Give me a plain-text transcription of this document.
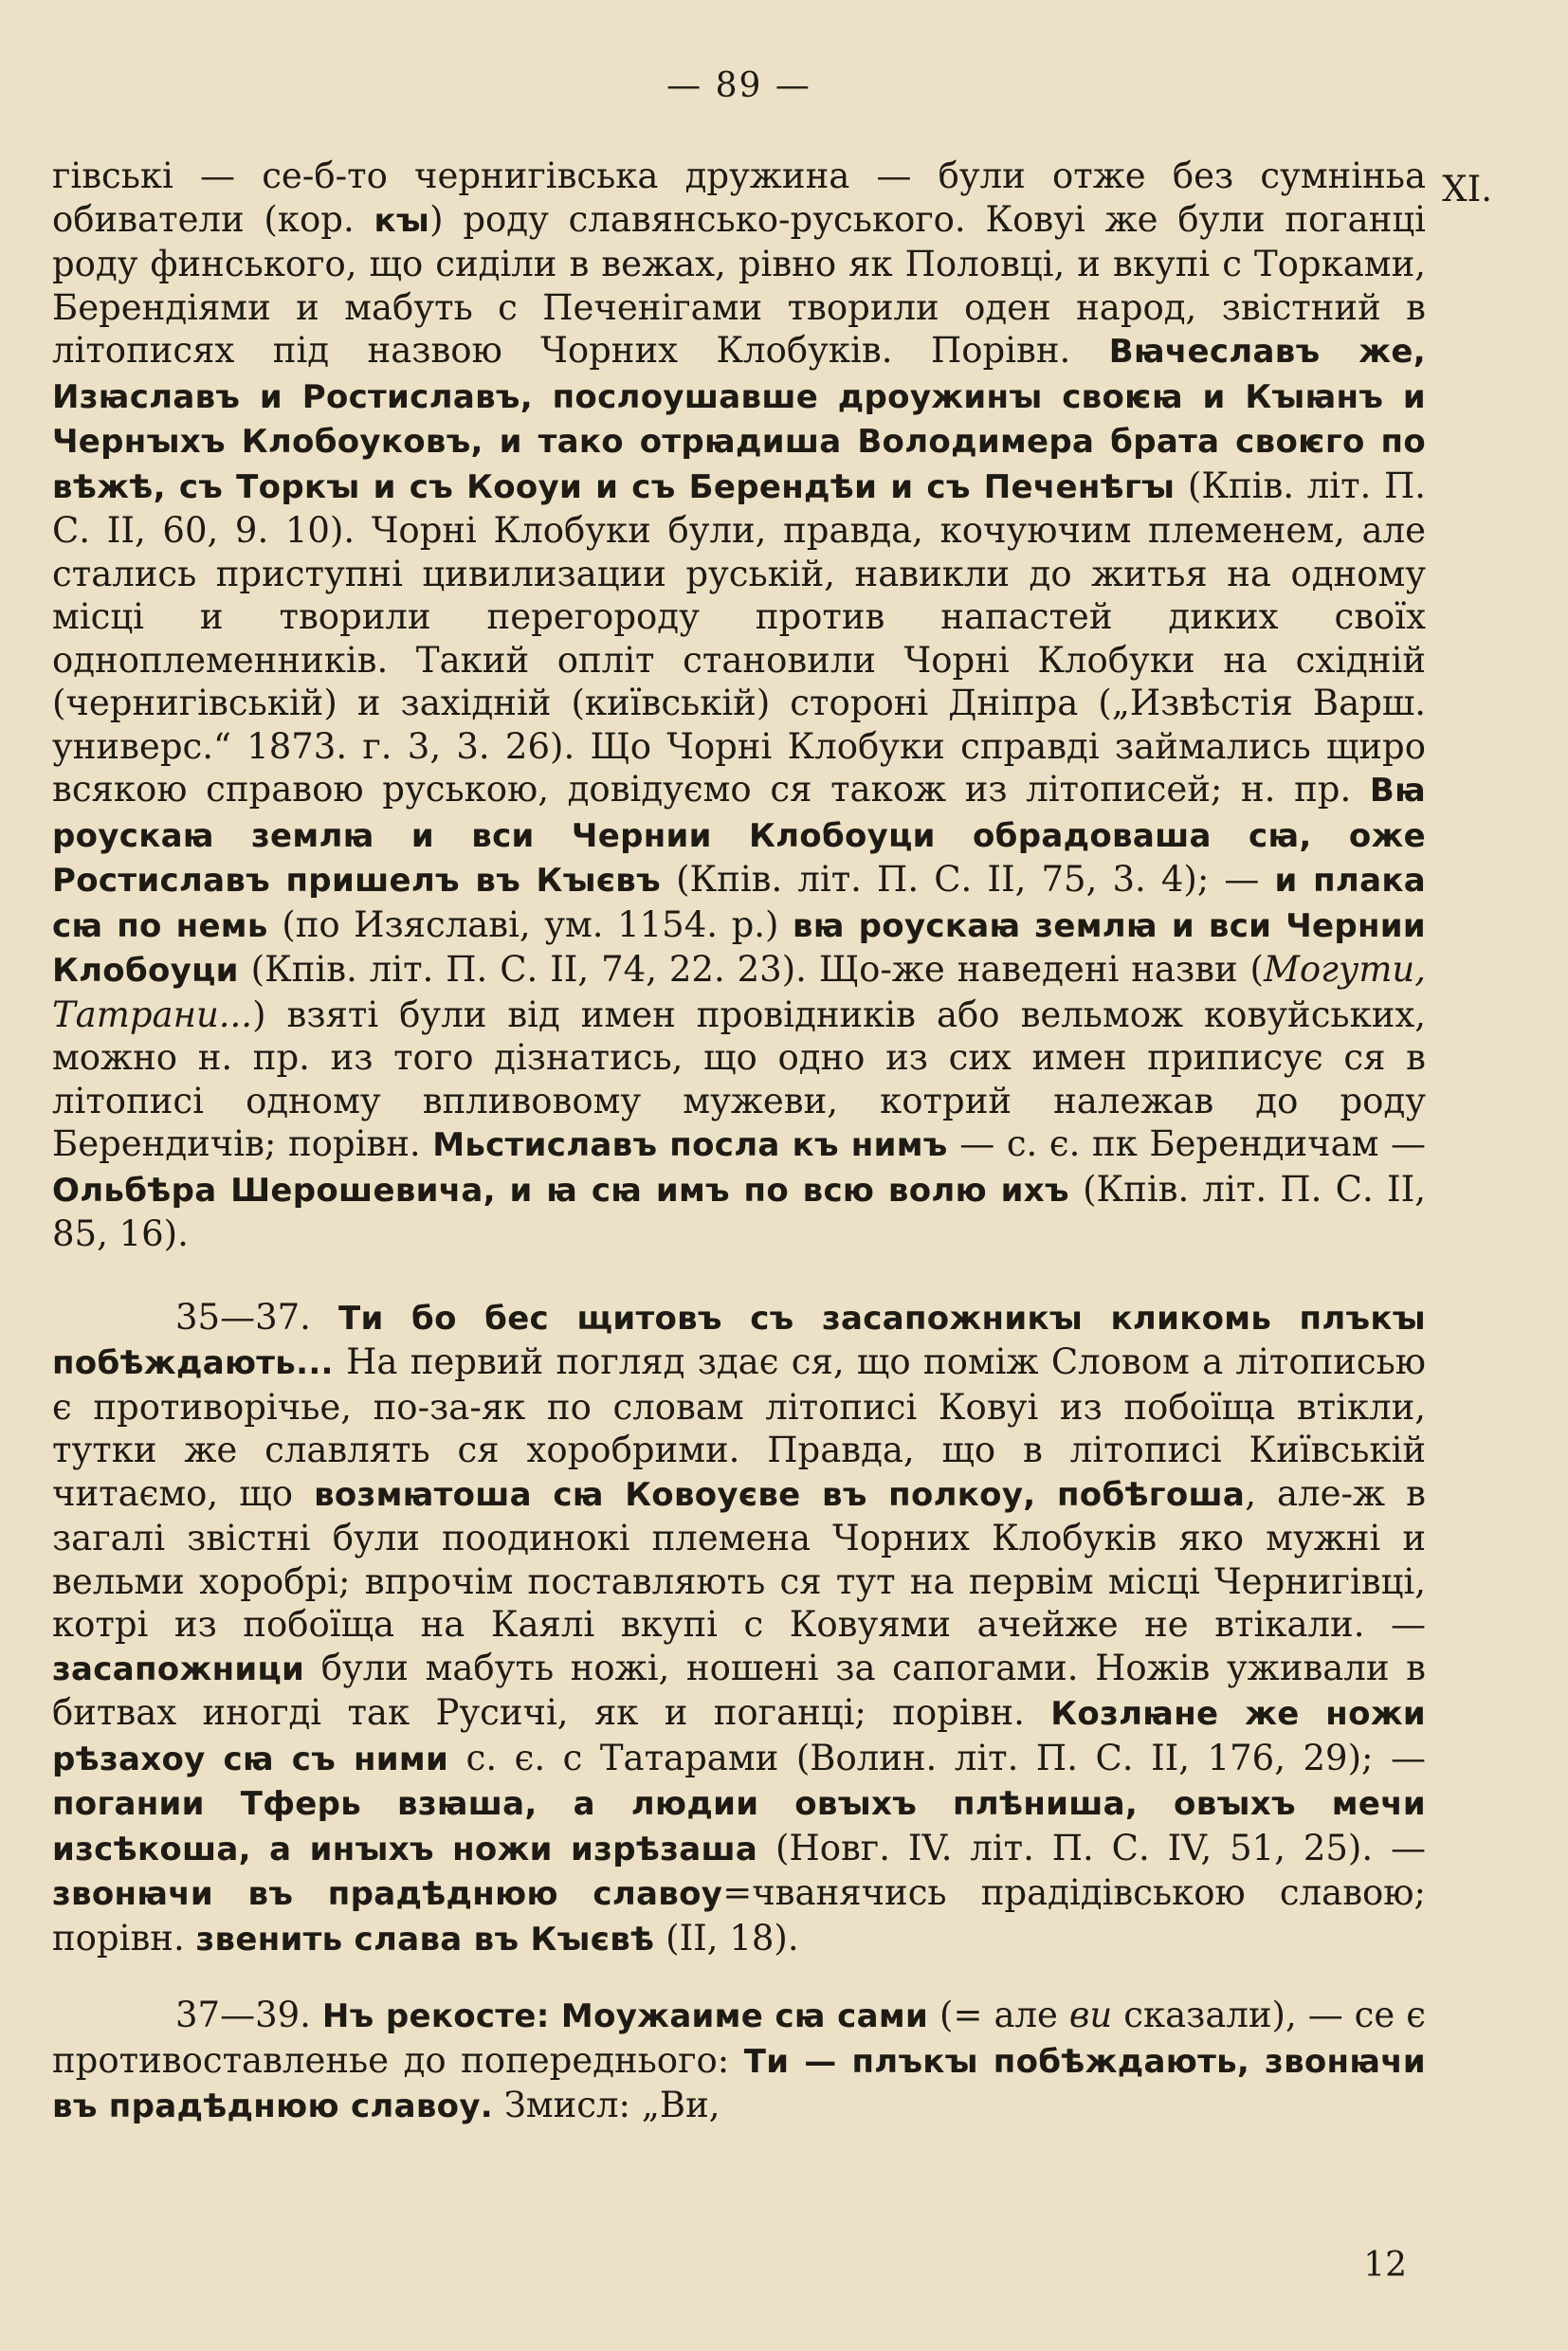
— 89 —
XI.

гівські — се-б-то чернигівська дружина — були отже без сумніньа обиватели (кор. кꙑ) роду славянсько-руського. Ковуі же були поганці роду финського, що сиділи в вежах, рівно як Половці, и вкупі с Торками, Берендіями и мабуть с Печенігами творили оден народ, звістний в літописях під назвою Чорних Клобуків. Порівн. Вꙗчеславъ же, Изꙗславъ и Ростиславъ, послоушавше дроужинꙑ своѥꙗ и Кꙑꙗнъ и Чернꙑхъ Клобоуковъ, и тако отрꙗдиша Володимера брата своѥго по вѣжѣ, съ Торкꙑ и съ Кооуи и съ Берендѣи и съ Печенѣгꙑ (Кпів. літ. П. С. II, 60, 9. 10). Чорні Клобуки були, правда, кочуючим племенем, але сталиcь приступні цивилизации руській, навикли до житья на одному місці и творили перегороду против напастей диких своїх одноплеменників. Такий опліт становили Чорні Клобуки на східній (чернигівській) и західній (київській) стороні Дніпра („Извѣстія Варш. универс.“ 1873. г. 3, 3. 26). Що Чорні Клобуки справді займались щиро всякою справою руською, довідуємо ся також из літописей; н. пр. Вꙗ роускаꙗ землꙗ и вси Чернии Клобоуци обрадоваша сꙗ, оже Ростиславъ пришелъ въ Кꙑєвъ (Кпів. літ. П. С. II, 75, 3. 4); — и плака сꙗ по немь (по Изяславі, ум. 1154. р.) вꙗ роускаꙗ землꙗ и вси Чернии Клобоуци (Кпів. літ. П. С. II, 74, 22. 23). Що-же наведені назви (Могути, Татрани...) взяті були від имен провідників або вельмож ковуйських, можно н. пр. из того дізнатись, що одно из сих имен приписує ся в літописі одному впливовому мужеви, котрий належав до роду Берендичів; порівн. Мьстиславъ посла къ нимъ — с. є. пк Берендичам — Ольбѣра Шерошевича, и ꙗ сꙗ имъ по всю волю ихъ (Кпів. літ. П. С. II, 85, 16).

35—37. Ти бо бес щитовъ съ засапожникꙑ кликомь плъкꙑ побѣждають... На первий погляд здає ся, що поміж Словом а літописью є противорічье, по-за-як по словам літописі Ковуі из побоїща втікли, тутки же славлять ся хоробрими. Правда, що в літописі Київській читаємо, що возмꙗтоша сꙗ Ковоуєве въ полкоу, побѣгоша, але-ж в загалі звістні були поодинокі племена Чорних Клобуків яко мужні и вельми хоробрі; впрочім поставляють ся тут на первім місці Чернигівці, котрі из побоїща на Каялі вкупі с Ковуями ачейже не втікали. — засапожници були мабуть ножі, ношені за сапогами. Ножів уживали в битвах иногді так Русичі, як и поганці; порівн. Козлꙗне же ножи рѣзахоу сꙗ съ ними с. є. с Татарами (Волин. літ. П. С. II, 176, 29); — погании Тферь взꙗша, а людии овꙑхъ плѣниша, овꙑхъ мечи изсѣкоша, а инꙑхъ ножи изрѣзаша (Новг. IV. літ. П. С. IV, 51, 25). — звонꙗчи въ прадѣднюю славоу=чванячись прадідівською славою; порівн. звенить слава въ Кꙑєвѣ (II, 18).

37—39. Нъ рекосте: Моужаиме сꙗ сами (= але ви сказали), — се є противоставленье до попереднього: Ти — плъкꙑ побѣждають, звонꙗчи въ прадѣднюю славоу. Змисл: „Ви,

12
